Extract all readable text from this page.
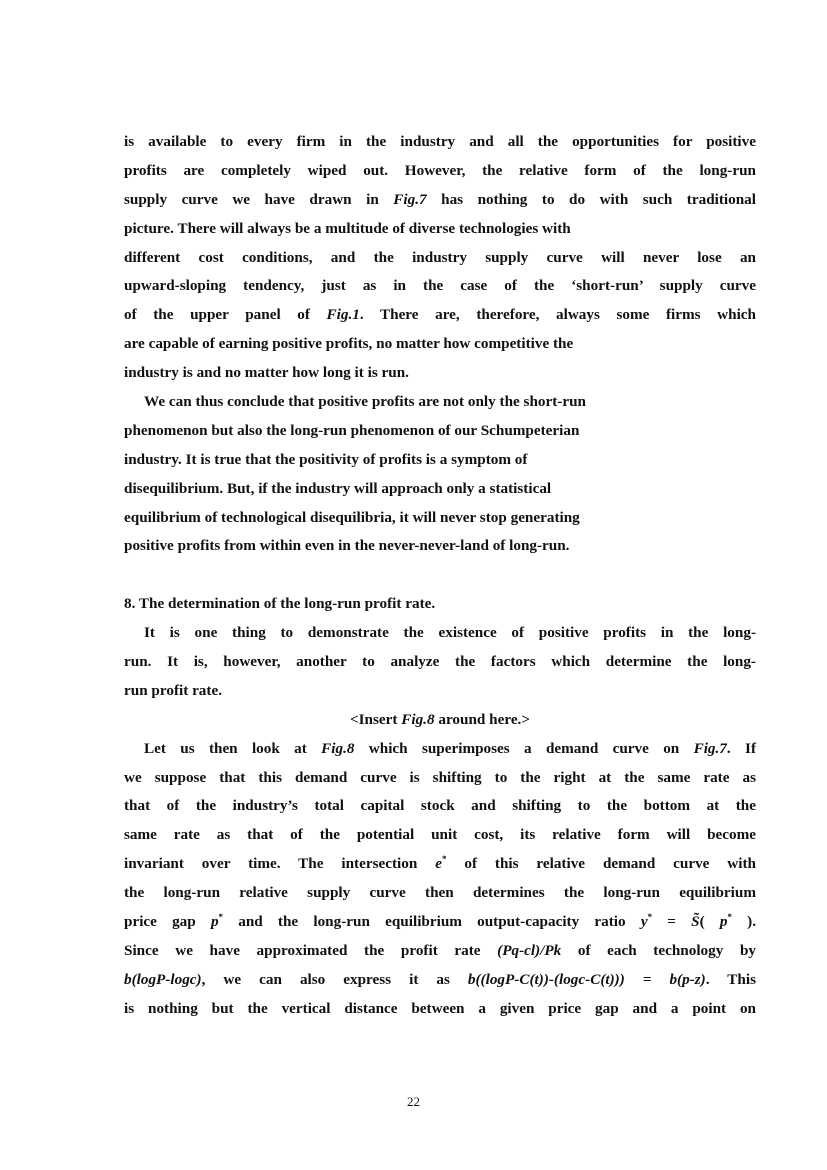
is available to every firm in the industry and all the opportunities for positive
profits are completely wiped out. However, the relative form of the long-run
supply curve we have drawn in Fig.7 has nothing to do with such traditional
picture. There will always be a multitude of diverse technologies with
different cost conditions, and the industry supply curve will never lose an
upward-sloping tendency, just as in the case of the ‘short-run’ supply curve
of the upper panel of Fig.1. There are, therefore, always some firms which
are capable of earning positive profits, no matter how competitive the
industry is and no matter how long it is run.
We can thus conclude that positive profits are not only the short-run
phenomenon but also the long-run phenomenon of our Schumpeterian
industry. It is true that the positivity of profits is a symptom of
disequilibrium. But, if the industry will approach only a statistical
equilibrium of technological disequilibria, it will never stop generating
positive profits from within even in the never-never-land of long-run.
8. The determination of the long-run profit rate.
It is one thing to demonstrate the existence of positive profits in the long-
run. It is, however, another to analyze the factors which determine the long-
run profit rate.
<Insert Fig.8 around here.>
Let us then look at Fig.8 which superimposes a demand curve on Fig.7. If
we suppose that this demand curve is shifting to the right at the same rate as
that of the industry’s total capital stock and shifting to the bottom at the
same rate as that of the potential unit cost, its relative form will become
invariant over time. The intersection e* of this relative demand curve with
the long-run relative supply curve then determines the long-run equilibrium
price gap p* and the long-run equilibrium output-capacity ratio y* = S̃( p* ).
Since we have approximated the profit rate (Pq-cl)/Pk of each technology by
b(logP-logc), we can also express it as b((logP-C(t))-(logc-C(t))) = b(p-z). This
is nothing but the vertical distance between a given price gap and a point on
22
